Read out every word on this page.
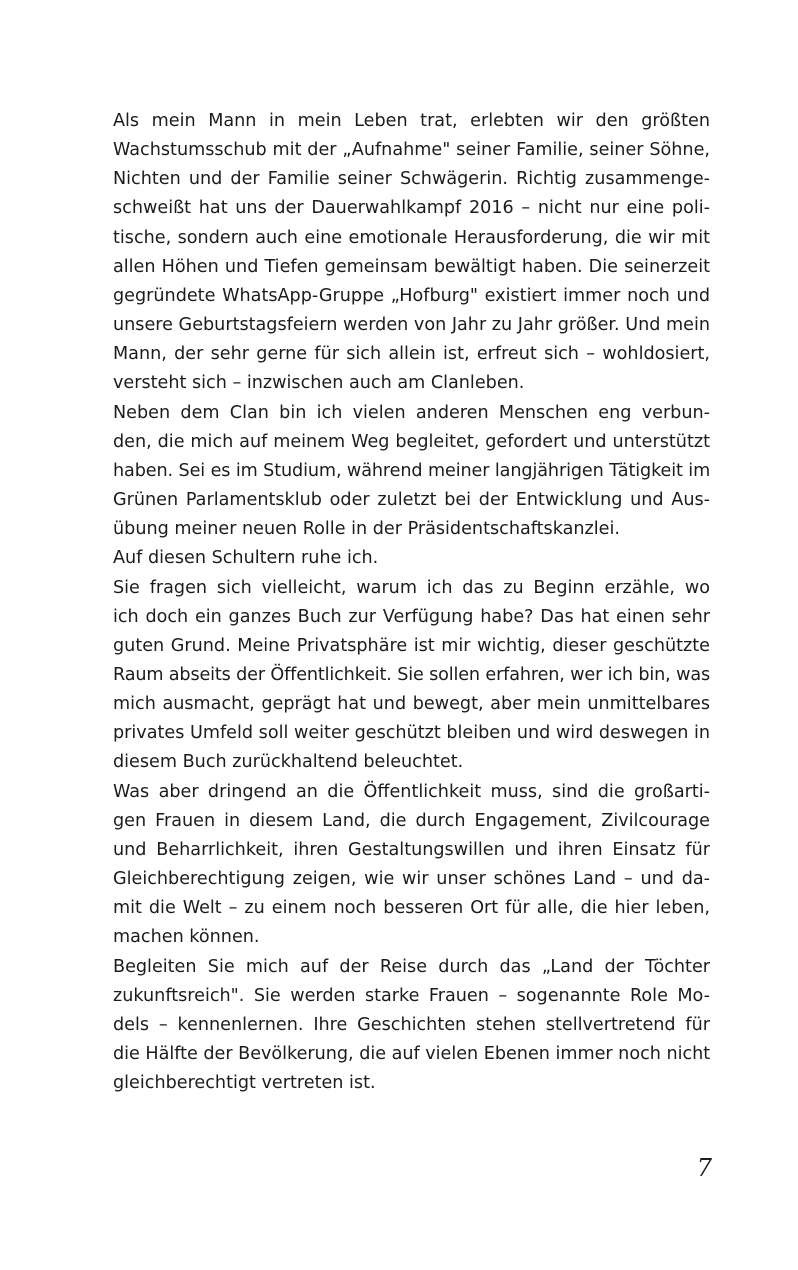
Als mein Mann in mein Leben trat, erlebten wir den größten
Wachstumsschub mit der „Aufnahme" seiner Familie, seiner Söhne,
Nichten und der Familie seiner Schwägerin. Richtig zusammenge-
schweißt hat uns der Dauerwahlkampf 2016 – nicht nur eine poli-
tische, sondern auch eine emotionale Herausforderung, die wir mit
allen Höhen und Tiefen gemeinsam bewältigt haben. Die seinerzeit
gegründete WhatsApp-Gruppe „Hofburg" existiert immer noch und
unsere Geburtstagsfeiern werden von Jahr zu Jahr größer. Und mein
Mann, der sehr gerne für sich allein ist, erfreut sich – wohldosiert,
versteht sich – inzwischen auch am Clanleben.

Neben dem Clan bin ich vielen anderen Menschen eng verbun-
den, die mich auf meinem Weg begleitet, gefordert und unterstützt
haben. Sei es im Studium, während meiner langjährigen Tätigkeit im
Grünen Parlamentsklub oder zuletzt bei der Entwicklung und Aus-
übung meiner neuen Rolle in der Präsidentschaftskanzlei.

Auf diesen Schultern ruhe ich.

Sie fragen sich vielleicht, warum ich das zu Beginn erzähle, wo
ich doch ein ganzes Buch zur Verfügung habe? Das hat einen sehr
guten Grund. Meine Privatsphäre ist mir wichtig, dieser geschützte
Raum abseits der Öffentlichkeit. Sie sollen erfahren, wer ich bin, was
mich ausmacht, geprägt hat und bewegt, aber mein unmittelbares
privates Umfeld soll weiter geschützt bleiben und wird deswegen in
diesem Buch zurückhaltend beleuchtet.

Was aber dringend an die Öffentlichkeit muss, sind die großarti-
gen Frauen in diesem Land, die durch Engagement, Zivilcourage
und Beharrlichkeit, ihren Gestaltungswillen und ihren Einsatz für
Gleichberechtigung zeigen, wie wir unser schönes Land – und da-
mit die Welt – zu einem noch besseren Ort für alle, die hier leben,
machen können.

Begleiten Sie mich auf der Reise durch das „Land der Töchter
zukunftsreich". Sie werden starke Frauen – sogenannte Role Mo-
dels – kennenlernen. Ihre Geschichten stehen stellvertretend für
die Hälfte der Bevölkerung, die auf vielen Ebenen immer noch nicht
gleichberechtigt vertreten ist.

7
